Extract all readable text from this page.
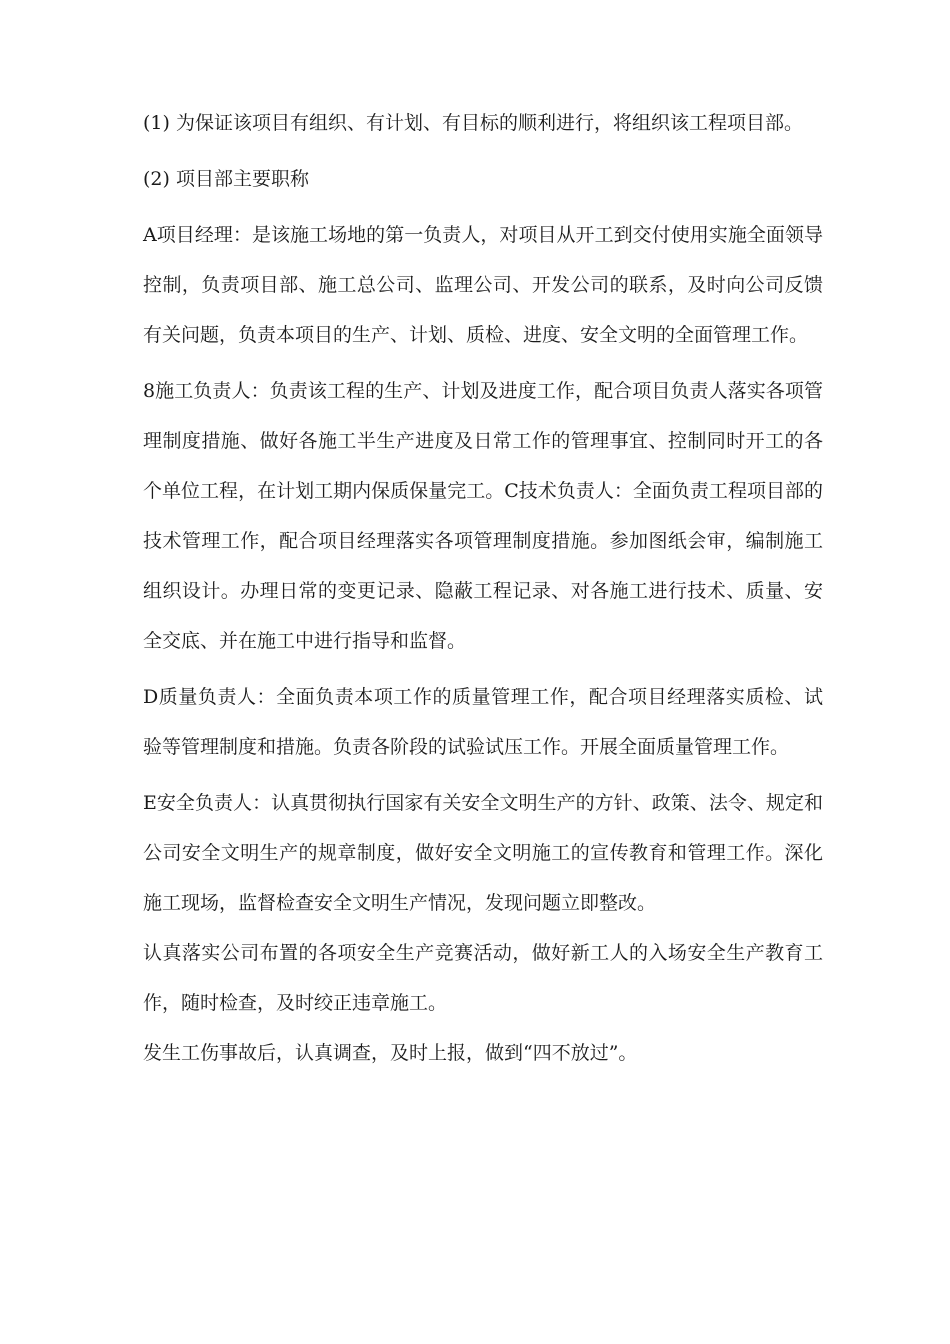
(1) 为保证该项目有组织、有计划、有目标的顺利进行，将组织该工程项目部。

(2) 项目部主要职称

A项目经理：是该施工场地的第一负责人，对项目从开工到交付使用实施全面领导控制，负责项目部、施工总公司、监理公司、开发公司的联系，及时向公司反馈有关问题，负责本项目的生产、计划、质检、进度、安全文明的全面管理工作。

8施工负责人：负责该工程的生产、计划及进度工作，配合项目负责人落实各项管理制度措施、做好各施工半生产进度及日常工作的管理事宜、控制同时开工的各个单位工程，在计划工期内保质保量完工。C技术负责人：全面负责工程项目部的技术管理工作，配合项目经理落实各项管理制度措施。参加图纸会审，编制施工组织设计。办理日常的变更记录、隐蔽工程记录、对各施工进行技术、质量、安全交底、并在施工中进行指导和监督。

D质量负责人：全面负责本项工作的质量管理工作，配合项目经理落实质检、试验等管理制度和措施。负责各阶段的试验试压工作。开展全面质量管理工作。

E安全负责人：认真贯彻执行国家有关安全文明生产的方针、政策、法令、规定和公司安全文明生产的规章制度，做好安全文明施工的宣传教育和管理工作。深化施工现场，监督检查安全文明生产情况，发现问题立即整改。

认真落实公司布置的各项安全生产竞赛活动，做好新工人的入场安全生产教育工作，随时检查，及时绞正违章施工。

发生工伤事故后，认真调查，及时上报，做到“四不放过”。
